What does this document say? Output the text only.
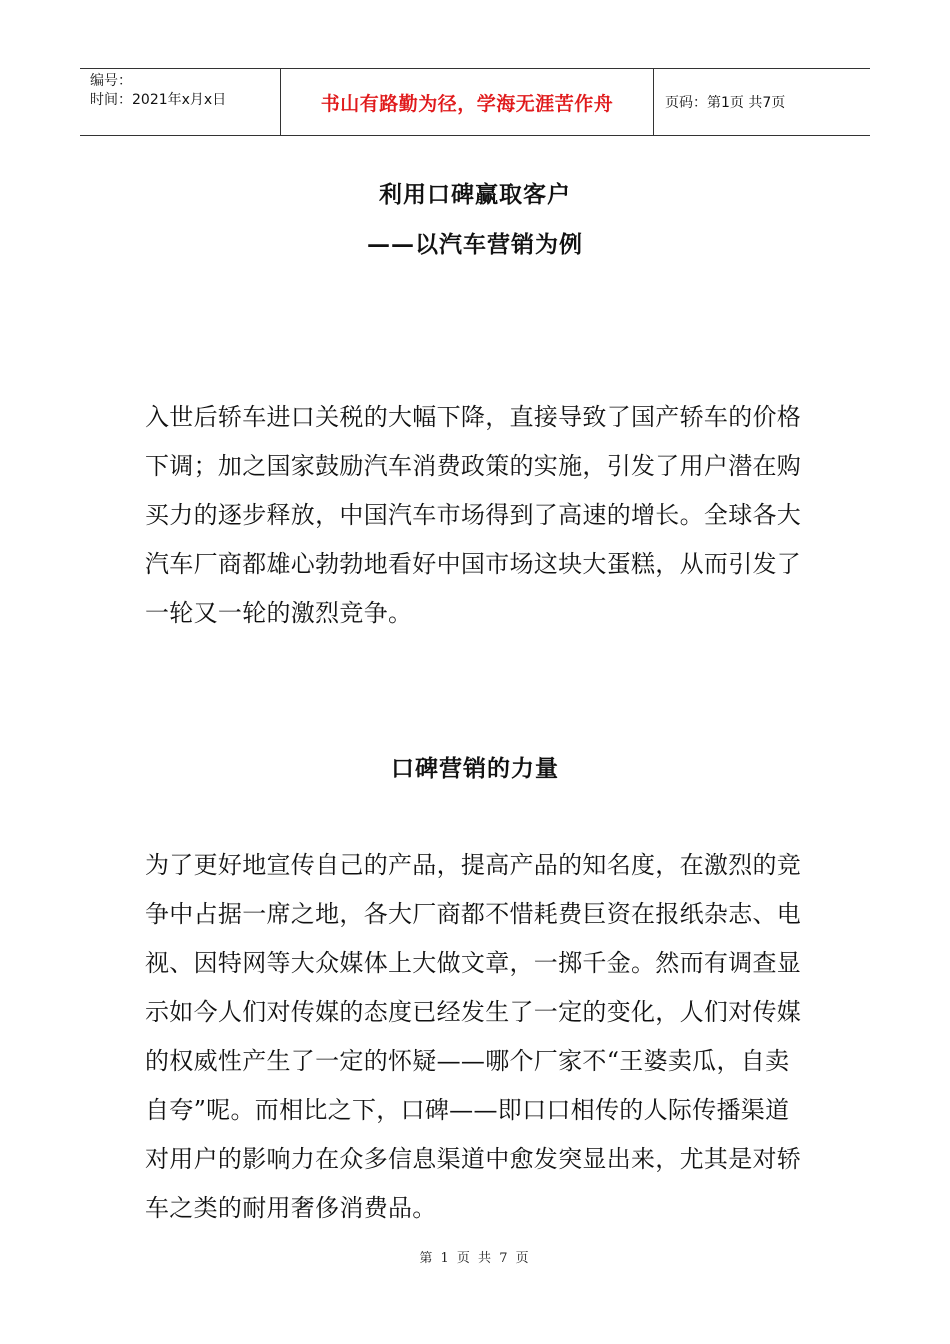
编号：
时间：2021年x月x日	书山有路勤为径，学海无涯苦作舟	页码：第1页 共7页
利用口碑赢取客户
——以汽车营销为例
入世后轿车进口关税的大幅下降，直接导致了国产轿车的价格下调；加之国家鼓励汽车消费政策的实施，引发了用户潜在购买力的逐步释放，中国汽车市场得到了高速的增长。全球各大汽车厂商都雄心勃勃地看好中国市场这块大蛋糕，从而引发了一轮又一轮的激烈竞争。
口碑营销的力量
为了更好地宣传自己的产品，提高产品的知名度，在激烈的竞争中占据一席之地，各大厂商都不惜耗费巨资在报纸杂志、电视、因特网等大众媒体上大做文章，一掷千金。然而有调查显示如今人们对传媒的态度已经发生了一定的变化，人们对传媒的权威性产生了一定的怀疑——哪个厂家不“王婆卖瓜，自卖自夸”呢。而相比之下，口碑——即口口相传的人际传播渠道对用户的影响力在众多信息渠道中愈发突显出来，尤其是对轿车之类的耐用奢侈消费品。
第 1 页 共 7 页
